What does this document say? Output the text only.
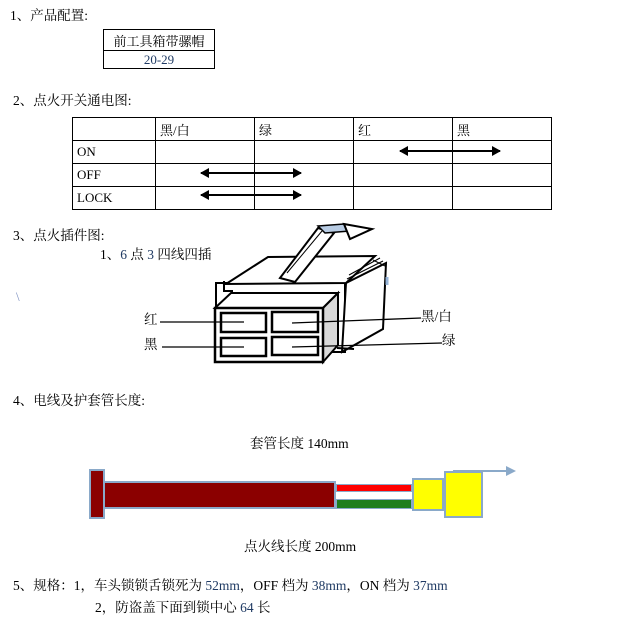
1、产品配置:
前工具箱带骡帽
20-29
2、点火开关通电图:
	黑/白	绿	红	黑
ON				
OFF				
LOCK				
3、点火插件图:
1、6 点 3 四线四插
\
红
黑
黑/白
绿
4、电线及护套管长度:
套管长度 140mm
点火线长度 200mm
5、规格：1，车头锁锁舌锁死为 52mm，OFF 档为 38mm，ON 档为 37mm
2，防盗盖下面到锁中心 64 长
